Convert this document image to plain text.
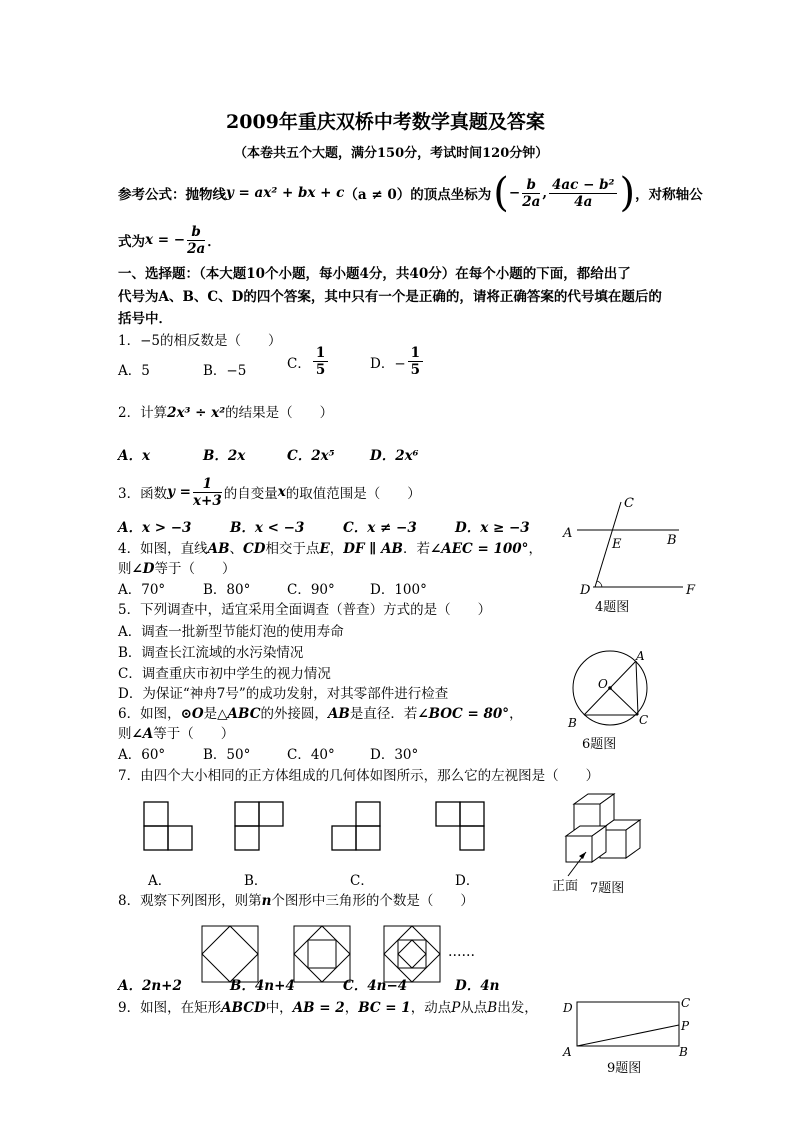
2009年重庆双桥中考数学真题及答案
（本卷共五个大题，满分150分，考试时间120分钟）
参考公式：抛物线 y = ax² + bx + c （a ≠ 0）的顶点坐标为 ( − $\frac{b}{2a}$ , $\frac{\text{4ac − b²}}{4a}$ ) ，对称轴公
式为 x = − $\frac{b}{2a}$ ．
一、选择题：（本大题10个小题，每小题4分，共40分）在每个小题的下面，都给出了
代号为A、B、C、D的四个答案，其中只有一个是正确的，请将正确答案的代号填在题后的
括号中．
1．−5的相反数是（　　）
A．5	B．−5	C． $\frac{1}{5}$	D．− $\frac{1}{5}$
2．计算2x³ ÷ x²的结果是（　　）
A．x	B．2x	C．2x⁵	D．2x⁶
3．函数 $y = \frac{1}{x+3}$ 的自变量 x 的取值范围是（　　）
A．x > −3	B．x < −3	C．x ≠ −3	D．x ≥ −3
4．如图，直线AB、CD相交于点E，DF ∥ AB．若∠AEC = 100°，
则∠D等于（　　）
A．70°	B．80°	C．90°	D．100°
A	B
C
D
E
F
4题图
5．下列调查中，适宜采用全面调查（普查）方式的是（　　）
A．调查一批新型节能灯泡的使用寿命
B．调查长江流域的水污染情况
C．调查重庆市初中学生的视力情况
D．为保证“神舟7号”的成功发射，对其零部件进行检查
A
B	C
O
6题图
6．如图，⊙O是△ABC的外接圆，AB是直径．若∠BOC = 80°，
则∠A等于（　　）
A．60°	B．50°	C．40°	D．30°
7．由四个大小相同的正方体组成的几何体如图所示，那么它的左视图是（　　）
A．	B．	C．	D．	正面 7题图
8．观察下列图形，则第n个图形中三角形的个数是（　　）
……
A．2n+2	B．4n+4	C．4n−4	D．4n
9．如图，在矩形ABCD中，AB = 2，BC = 1，动点P从点B出发， D	C
A	B
P
9题图
